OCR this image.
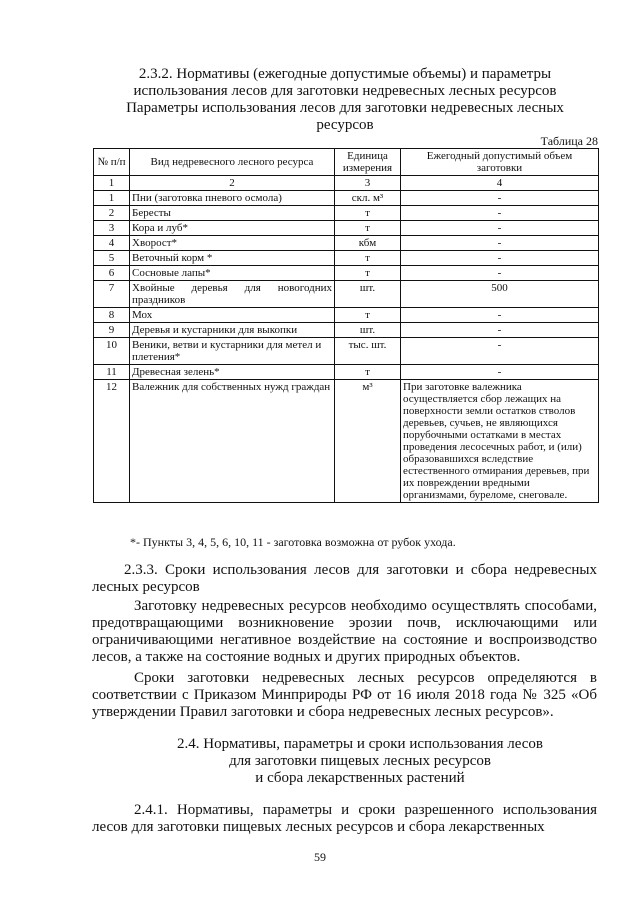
2.3.2. Нормативы (ежегодные допустимые объемы) и параметры
использования лесов для заготовки недревесных лесных ресурсов
Параметры использования лесов для заготовки недревесных лесных
ресурсов
Таблица 28
№ п/п	Вид недревесного лесного ресурса	Единица измерения	Ежегодный допустимый объем заготовки
1	2	3	4
1	Пни (заготовка пневого осмола)	скл. м³	-
2	Бересты	т	-
3	Кора и луб*	т	-
4	Хворост*	кбм	-
5	Веточный корм *	т	-
6	Сосновые лапы*	т	-
7	Хвойные деревья для новогодних праздников	шт.	500
8	Мох	т	-
9	Деревья и кустарники для выкопки	шт.	-
10	Веники, ветви и кустарники для метел и плетения*	тыс. шт.	-
11	Древесная зелень*	т	-
12	Валежник для собственных нужд граждан	м³	При заготовке валежника осуществляется сбор лежащих на поверхности земли остатков стволов деревьев, сучьев, не являющихся порубочными остатками в местах проведения лесосечных работ, и (или) образовавшихся вследствие естественного отмирания деревьев, при их повреждении вредными организмами, буреломе, снеговале.
*- Пункты 3, 4, 5, 6, 10, 11 - заготовка возможна от рубок ухода.
2.3.3. Сроки использования лесов для заготовки и сбора недревесных лесных ресурсов
Заготовку недревесных ресурсов необходимо осуществлять способами, предотвращающими возникновение эрозии почв, исключающими или ограничивающими негативное воздействие на состояние и воспроизводство лесов, а также на состояние водных и других природных объектов.
Сроки заготовки недревесных лесных ресурсов определяются в соответствии с Приказом Минприроды РФ от 16 июля 2018 года № 325 «Об утверждении Правил заготовки и сбора недревесных лесных ресурсов».
2.4. Нормативы, параметры и сроки использования лесов
для заготовки пищевых лесных ресурсов
и сбора лекарственных растений
2.4.1. Нормативы, параметры и сроки разрешенного использования лесов для заготовки пищевых лесных ресурсов и сбора лекарственных
59
